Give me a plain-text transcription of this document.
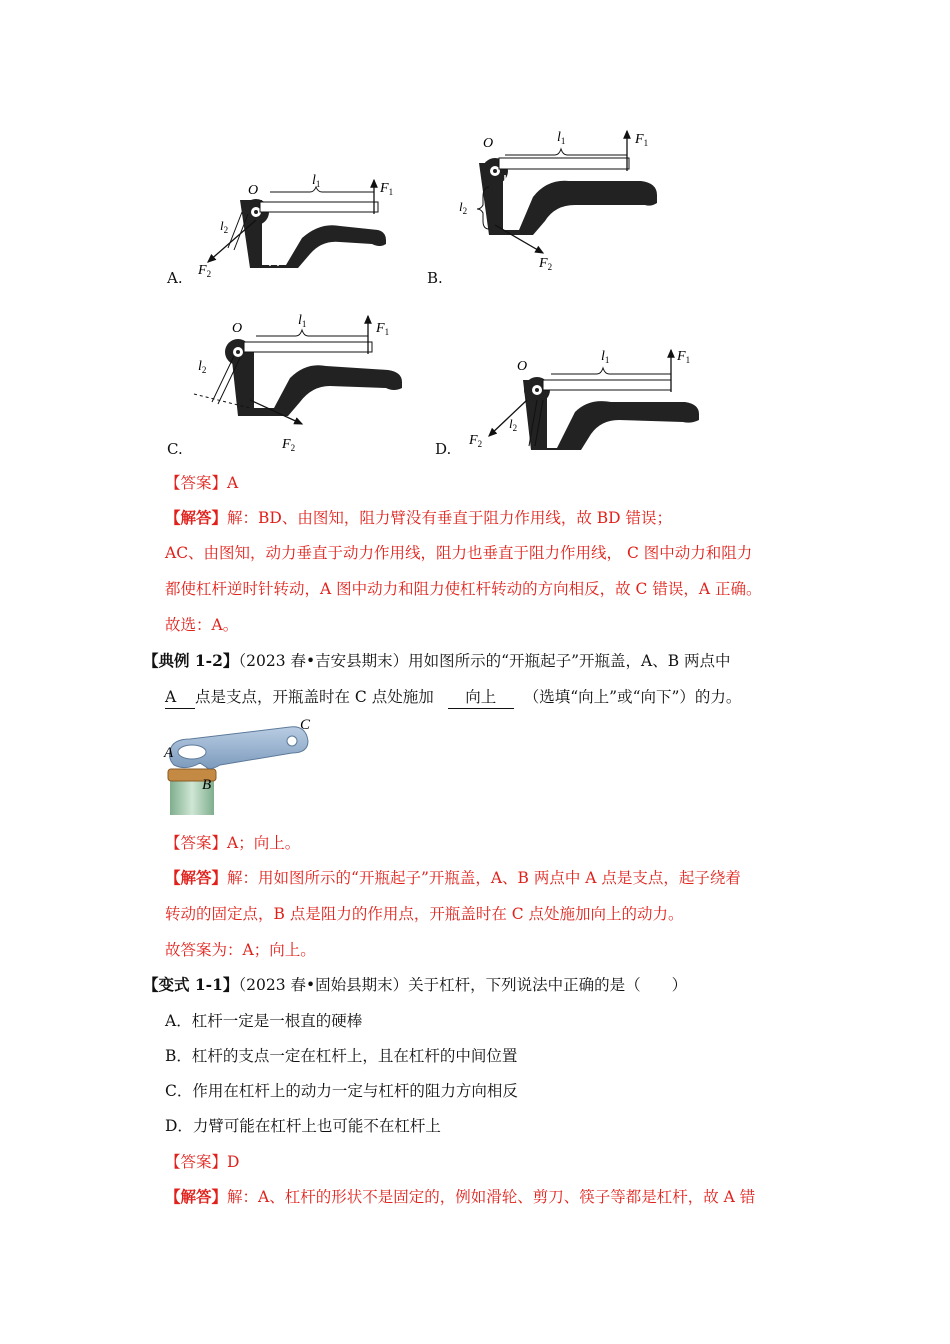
O
$l_1$	$F_1$
$l_2$
$F_2$
A.
O	$l_1$	$F_1$
$l_2$
$F_2$
B.
O
$l_1$	$F_1$
$l_2$
$F_2$
C.
O
$l_1$	$F_1$
$l_2$
$F_2$
D.
【答案】A
【解答】解：BD、由图知，阻力臂没有垂直于阻力作用线，故 BD 错误；
AC、由图知，动力垂直于动力作用线，阻力也垂直于阻力作用线， C 图中动力和阻力
都使杠杆逆时针转动，A 图中动力和阻力使杠杆转动的方向相反，故 C 错误，A 正确。
故选：A。
【典例 1-2】（2023 春•吉安县期末）用如图所示的“开瓶起子”开瓶盖，A、B 两点中
A 点是支点，开瓶盖时在 C 点处施加 向上 （选填“向上”或“向下”）的力。
A
B
C
【答案】A；向上。
【解答】解：用如图所示的“开瓶起子”开瓶盖，A、B 两点中 A 点是支点，起子绕着
转动的固定点，B 点是阻力的作用点，开瓶盖时在 C 点处施加向上的动力。
故答案为：A；向上。
【变式 1-1】（2023 春•固始县期末）关于杠杆，下列说法中正确的是（　　）
A．杠杆一定是一根直的硬棒
B．杠杆的支点一定在杠杆上，且在杠杆的中间位置
C．作用在杠杆上的动力一定与杠杆的阻力方向相反
D．力臂可能在杠杆上也可能不在杠杆上
【答案】D
【解答】解：A、杠杆的形状不是固定的，例如滑轮、剪刀、筷子等都是杠杆，故 A 错
